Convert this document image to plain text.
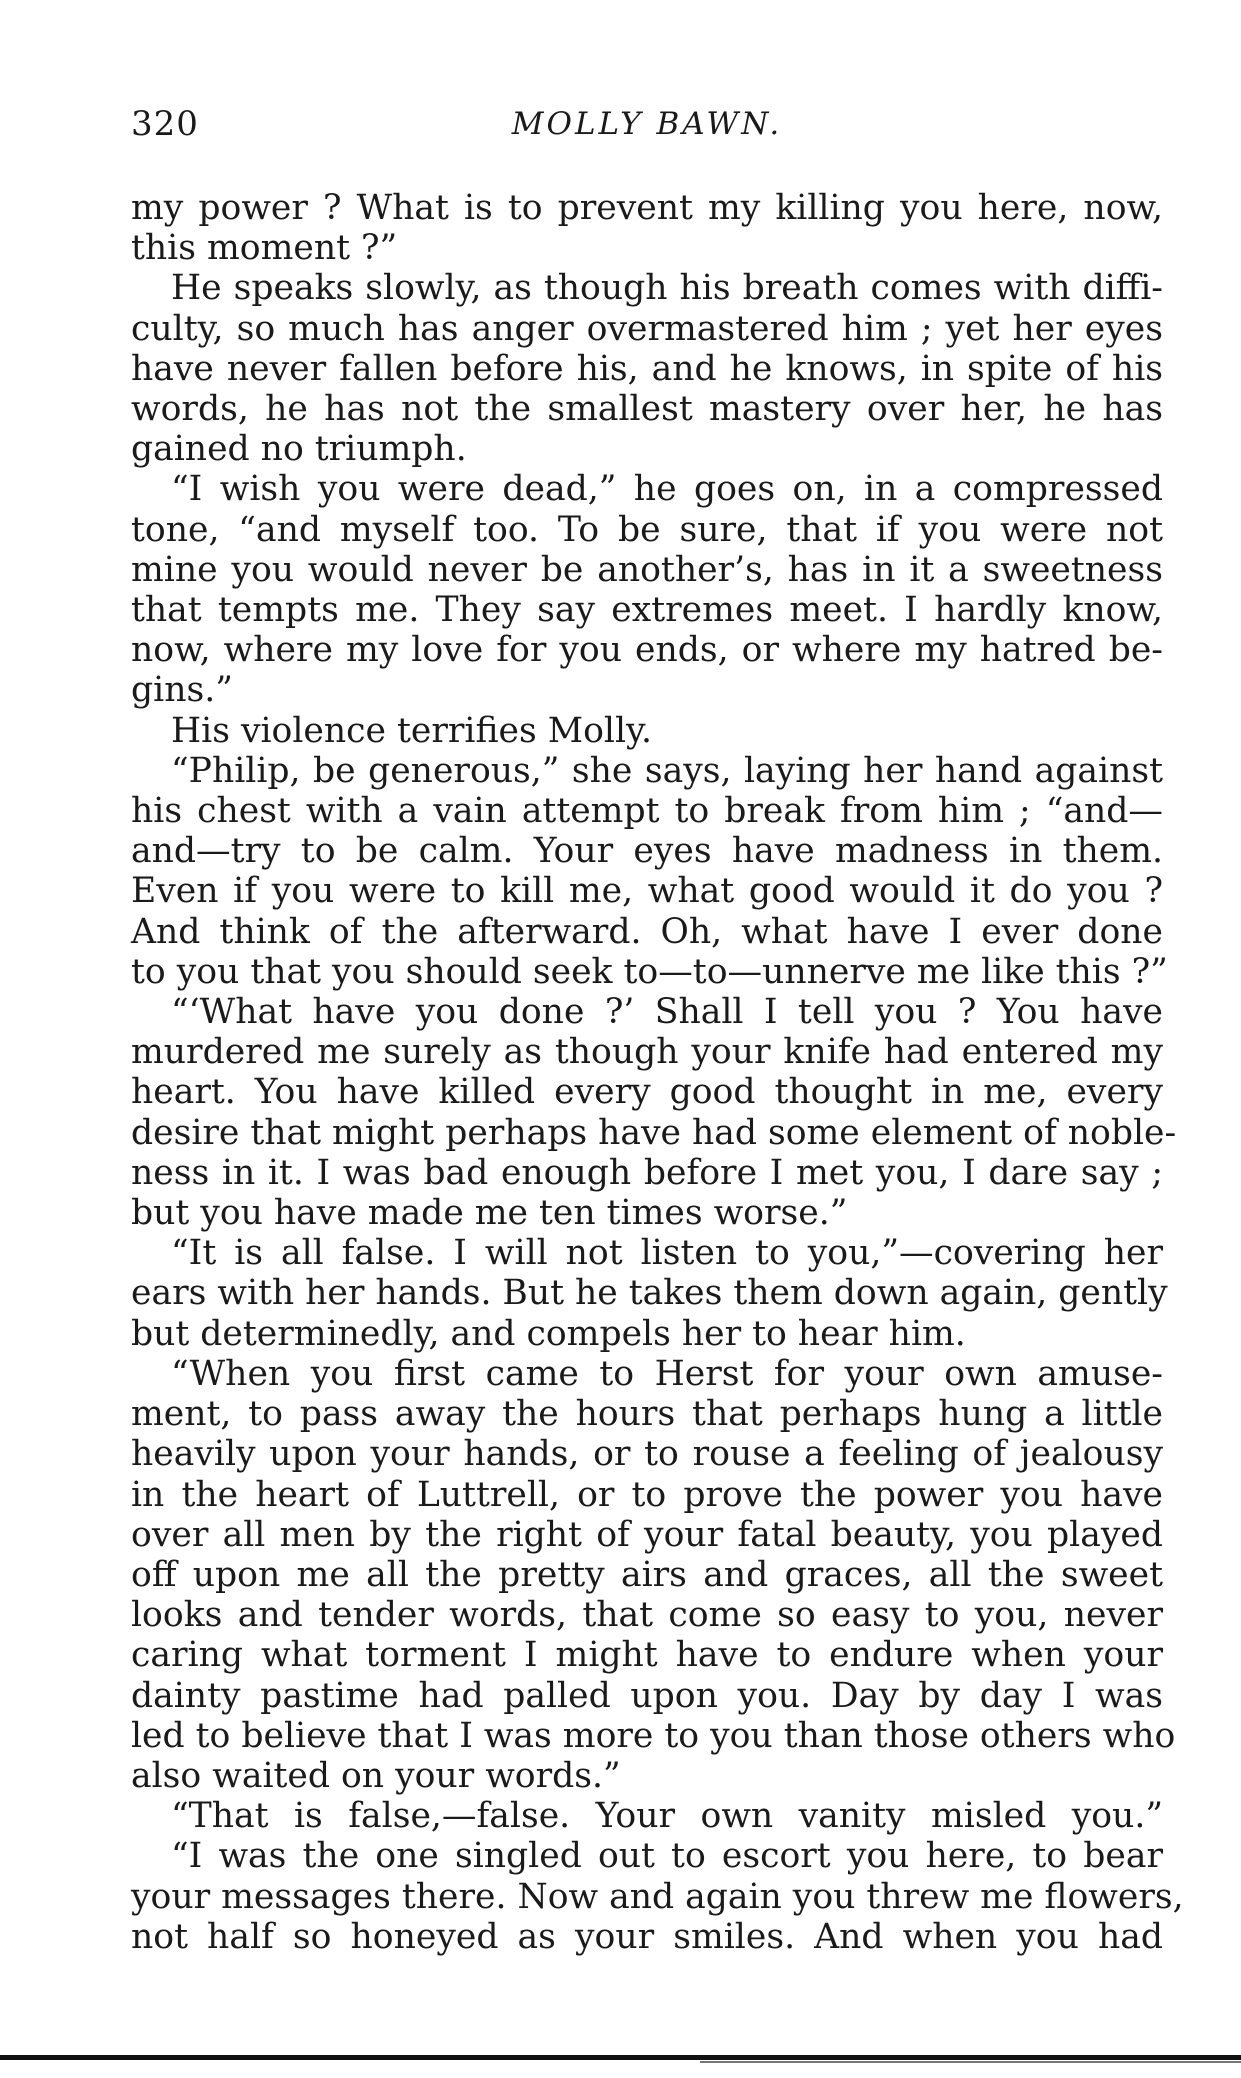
320	MOLLY BAWN.
my power ? What is to prevent my killing you here, now,
this moment ?”
He speaks slowly, as though his breath comes with diffi-
culty, so much has anger overmastered him ; yet her eyes
have never fallen before his, and he knows, in spite of his
words, he has not the smallest mastery over her, he has
gained no triumph.
“I wish you were dead,” he goes on, in a compressed
tone, “and myself too. To be sure, that if you were not
mine you would never be another’s, has in it a sweetness
that tempts me. They say extremes meet. I hardly know,
now, where my love for you ends, or where my hatred be-
gins.”
His violence terrifies Molly.
“Philip, be generous,” she says, laying her hand against
his chest with a vain attempt to break from him ; “and—
and—try to be calm. Your eyes have madness in them.
Even if you were to kill me, what good would it do you ?
And think of the afterward. Oh, what have I ever done
to you that you should seek to—to—unnerve me like this ?”
“‘What have you done ?’ Shall I tell you ? You have
murdered me surely as though your knife had entered my
heart. You have killed every good thought in me, every
desire that might perhaps have had some element of noble-
ness in it. I was bad enough before I met you, I dare say ;
but you have made me ten times worse.”
“It is all false. I will not listen to you,”—covering her
ears with her hands. But he takes them down again, gently
but determinedly, and compels her to hear him.
“When you first came to Herst for your own amuse-
ment, to pass away the hours that perhaps hung a little
heavily upon your hands, or to rouse a feeling of jealousy
in the heart of Luttrell, or to prove the power you have
over all men by the right of your fatal beauty, you played
off upon me all the pretty airs and graces, all the sweet
looks and tender words, that come so easy to you, never
caring what torment I might have to endure when your
dainty pastime had palled upon you. Day by day I was
led to believe that I was more to you than those others who
also waited on your words.”
“That is false,—false. Your own vanity misled you.”
“I was the one singled out to escort you here, to bear
your messages there. Now and again you threw me flowers,
not half so honeyed as your smiles. And when you had
